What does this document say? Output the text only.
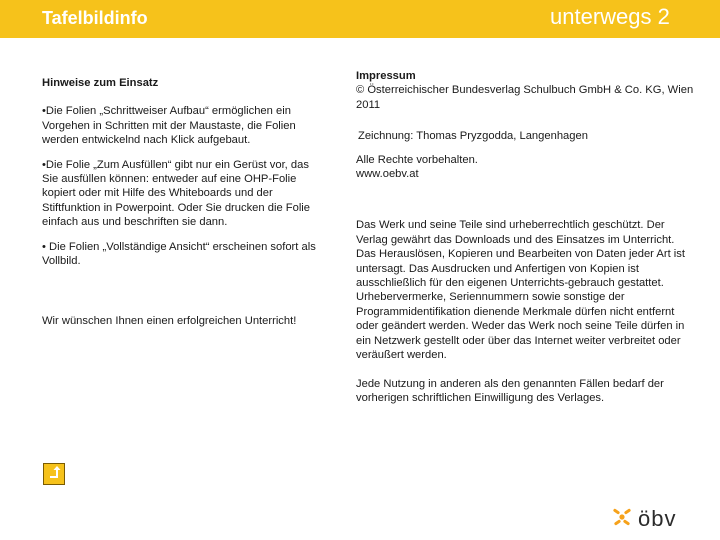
Tafelbildinfo	unterwegs 2

Hinweise zum Einsatz

•Die Folien „Schrittweiser Aufbau“ ermöglichen ein Vorgehen in Schritten mit der Maustaste, die Folien werden entwickelnd nach Klick aufgebaut.

•Die Folie „Zum Ausfüllen“ gibt nur ein Gerüst vor, das Sie ausfüllen können: entweder auf eine OHP-Folie kopiert oder mit Hilfe des Whiteboards und der Stiftfunktion in Powerpoint. Oder Sie drucken die Folie einfach aus und beschriften sie dann.

• Die Folien „Vollständige Ansicht“ erscheinen sofort als Vollbild.

Wir wünschen Ihnen einen erfolgreichen Unterricht!

Impressum

© Österreichischer Bundesverlag Schulbuch GmbH & Co. KG, Wien 2011

Zeichnung: Thomas Pryzgodda, Langenhagen

Alle Rechte vorbehalten.

www.oebv.at

Das Werk und seine Teile sind urheberrechtlich geschützt. Der Verlag gewährt das Downloads und des Einsatzes im Unterricht. Das Herauslösen, Kopieren und Bearbeiten von Daten jeder Art ist untersagt. Das Ausdrucken und Anfertigen von Kopien ist ausschließlich für den eigenen Unterrichts-gebrauch gestattet. Urhebervermerke, Seriennummern sowie sonstige der Programmidentifikation dienende Merkmale dürfen nicht entfernt oder geändert werden. Weder das Werk noch seine Teile dürfen in ein Netzwerk gestellt oder über das Internet weiter verbreitet oder veräußert werden.

Jede Nutzung in anderen als den genannten Fällen bedarf der vorherigen schriftlichen Einwilligung des Verlages.

öbv
